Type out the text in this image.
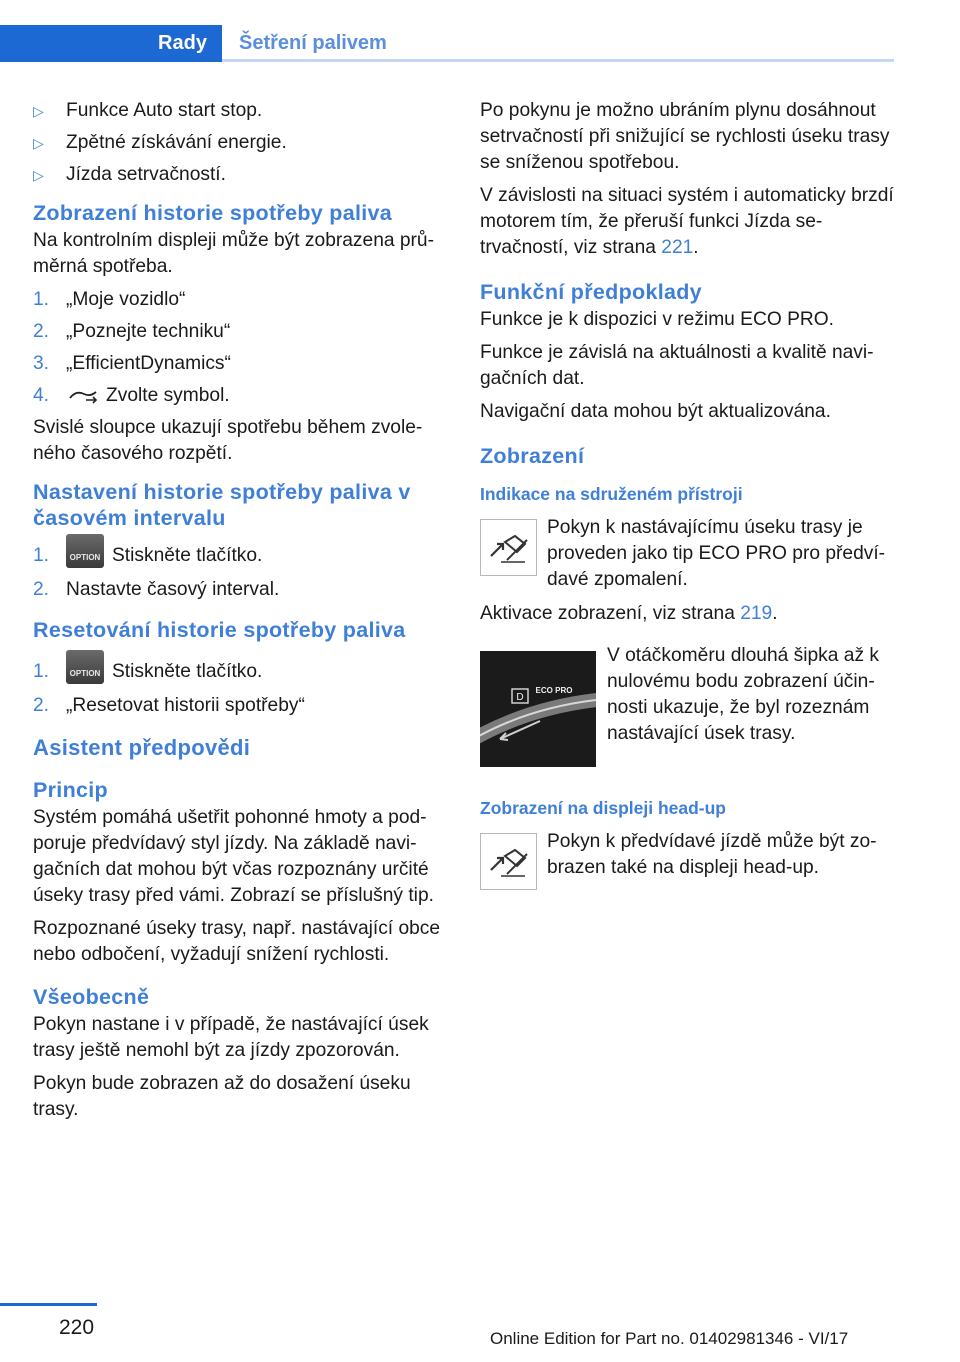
Rady	Šetření palivem
▷ Funkce Auto start stop.
▷ Zpětné získávání energie.
▷ Jízda setrvačností.
Zobrazení historie spotřeby paliva

Na kontrolním displeji může být zobrazena prů-měrná spotřeba.

1. „Moje vozidlo“
2. „Poznejte techniku“
3. „EfficientDynamics“
4.	Zvolte symbol.

Svislé sloupce ukazují spotřebu během zvole-ného časového rozpětí.

Nastavení historie spotřeby paliva v časovém intervalu
1.	OPTION Stiskněte tlačítko.
2. Nastavte časový interval.
Resetování historie spotřeby paliva
1.	OPTION Stiskněte tlačítko.
2. „Resetovat historii spotřeby“
Asistent předpovědi
Princip

Systém pomáhá ušetřit pohonné hmoty a pod-poruje předvídavý styl jízdy. Na základě navi-gačních dat mohou být včas rozpoznány určité úseky trasy před vámi. Zobrazí se příslušný tip.

Rozpoznané úseky trasy, např. nastávající obce nebo odbočení, vyžadují snížení rychlosti.

Všeobecně

Pokyn nastane i v případě, že nastávající úsek trasy ještě nemohl být za jízdy zpozorován.

Pokyn bude zobrazen až do dosažení úseku trasy.

Po pokynu je možno ubráním plynu dosáhnout setrvačností při snižující se rychlosti úseku trasy se sníženou spotřebou.

V závislosti na situaci systém i automaticky brzdí motorem tím, že přeruší funkci Jízda se-trvačností, viz strana 221.

Funkční předpoklady

Funkce je k dispozici v režimu ECO PRO.

Funkce je závislá na aktuálnosti a kvalitě navi-gačních dat.

Navigační data mohou být aktualizována.

Zobrazení
Indikace na sdruženém přístroji
Pokyn k nastávajícímu úseku trasy je proveden jako tip ECO PRO pro předví-davé zpomalení.

Aktivace zobrazení, viz strana 219.

D
ECO PRO
V otáčkoměru dlouhá šipka až k nulovému bodu zobrazení účin-nosti ukazuje, že byl rozeznám nastávající úsek trasy.
Zobrazení na displeji head-up
Pokyn k předvídavé jízdě může být zo-brazen také na displeji head-up.
220	Online Edition for Part no. 01402981346 - VI/17
